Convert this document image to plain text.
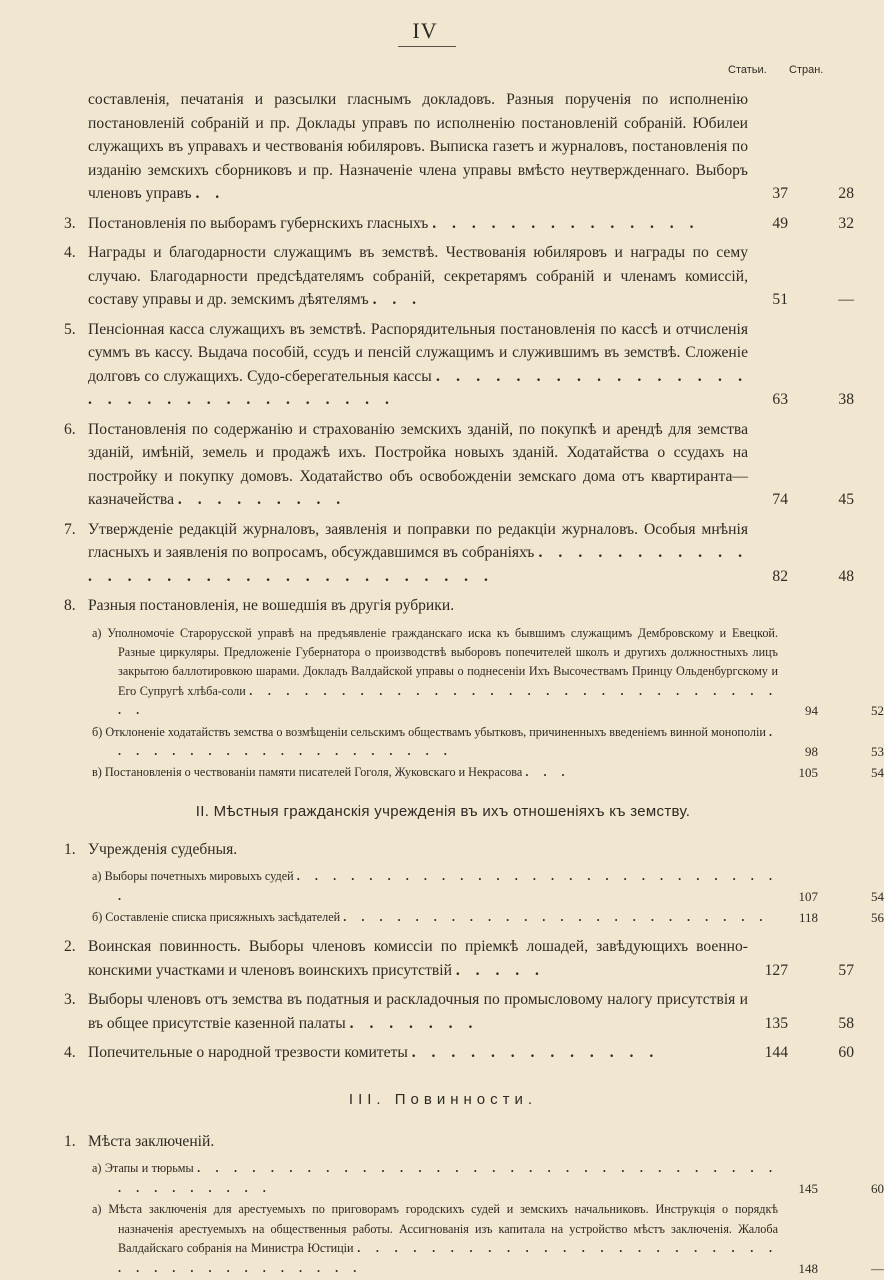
IV
Статьи. Стран.
составленія, печатанія и разсылки гласнымъ докладовъ. Разныя порученія по исполненію постановленій собраній и пр. Доклады управъ по исполненію постановленій собраній. Юбилеи служащихъ въ управахъ и чествованія юбиляровъ. Выписка газетъ и журналовъ, постановленія по изданію земскихъ сборниковъ и пр. Назначеніе члена управы вмѣсто неутвержденнаго. Выборъ членовъ управъ . .	37	28
3. Постановленія по выборамъ губернскихъ гласныхъ . . . . . . . . . . . . . .	49	32
4. Награды и благодарности служащимъ въ земствѣ. Чествованія юбиляровъ и награды по сему случаю. Благодарности предсѣдателямъ собраній, секретарямъ собраній и членамъ комиссій, составу управы и др. земскимъ дѣятелямъ . . .	51	—
5. Пенсіонная касса служащихъ въ земствѣ. Распорядительныя постановленія по кассѣ и отчисленія суммъ въ кассу. Выдача пособій, ссудъ и пенсій служащимъ и служившимъ въ земствѣ. Сложеніе долговъ со служащихъ. Судо-сберегательныя кассы . . . . . . . . . . . . . . . . . . . . . . . . . . . . . . . .	63	38
6. Постановленія по содержанію и страхованію земскихъ зданій, по покупкѣ и арендѣ для земства зданій, имѣній, земель и продажѣ ихъ. Постройка новыхъ зданій. Ходатайства о ссудахъ на постройку и покупку домовъ. Ходатайство объ освобожденіи земскаго дома отъ квартиранта—казначейства . . . . . . . . .	74	45
7. Утвержденіе редакцій журналовъ, заявленія и поправки по редакціи журналовъ. Особыя мнѣнія гласныхъ и заявленія по вопросамъ, обсуждавшимся въ собраніяхъ . . . . . . . . . . . . . . . . . . . . . . . . . . . . . . . .	82	48
8. Разныя постановленія, не вошедшія въ другія рубрики.
а) Уполномочіе Старорусской управѣ на предъявленіе гражданскаго иска къ бывшимъ служащимъ Дембровскому и Евецкой. Разные циркуляры. Предложеніе Губернатора о производствѣ выборовъ попечителей школъ и другихъ должностныхъ лицъ закрытою баллотировкою шарами. Докладъ Валдайской управы о поднесеніи Ихъ Высочествамъ Принцу Ольденбургскому и Его Супругѣ хлѣба-соли . . . . . . . . . . . . . . . . . . . . . . . . . . . . . . .	94	52
б) Отклоненіе ходатайствъ земства о возмѣщеніи сельскимъ обществамъ убытковъ, причиненныхъ введеніемъ винной монополіи . . . . . . . . . . . . . . . . . . . .	98	53
в) Постановленія о чествованіи памяти писателей Гоголя, Жуковскаго и Некрасова . . .	105	54
II. Мѣстныя гражданскія учрежденія въ ихъ отношеніяхъ къ земству.
1. Учрежденія судебныя.
а) Выборы почетныхъ мировыхъ судей . . . . . . . . . . . . . . . . . . . . . . . . . . . .	107	54
б) Составленіе списка присяжныхъ засѣдателей . . . . . . . . . . . . . . . . . . . . . . . .	118	56
2. Воинская повинность. Выборы членовъ комиссіи по пріемкѣ лошадей, завѣдующихъ военно-конскими участками и членовъ воинскихъ присутствій . . . . .	127	57
3. Выборы членовъ отъ земства въ податныя и раскладочныя по промысловому налогу присутствія и въ общее присутствіе казенной палаты . . . . . . .	135	58
4. Попечительные о народной трезвости комитеты . . . . . . . . . . . . .	144	60
III. Повинности.
1. Мѣста заключеній.
а) Этапы и тюрьмы . . . . . . . . . . . . . . . . . . . . . . . . . . . . . . . . . . . . . . . . .	145	60
а) Мѣста заключенія для арестуемыхъ по приговорамъ городскихъ судей и земскихъ начальниковъ. Инструкція о порядкѣ назначенія арестуемыхъ на общественныя работы. Ассигнованія изъ капитала на устройство мѣстъ заключенія. Жалоба Валдайскаго собранія на Министра Юстиціи . . . . . . . . . . . . . . . . . . . . . . . . . . . . . . . . . . . . .	148	—
